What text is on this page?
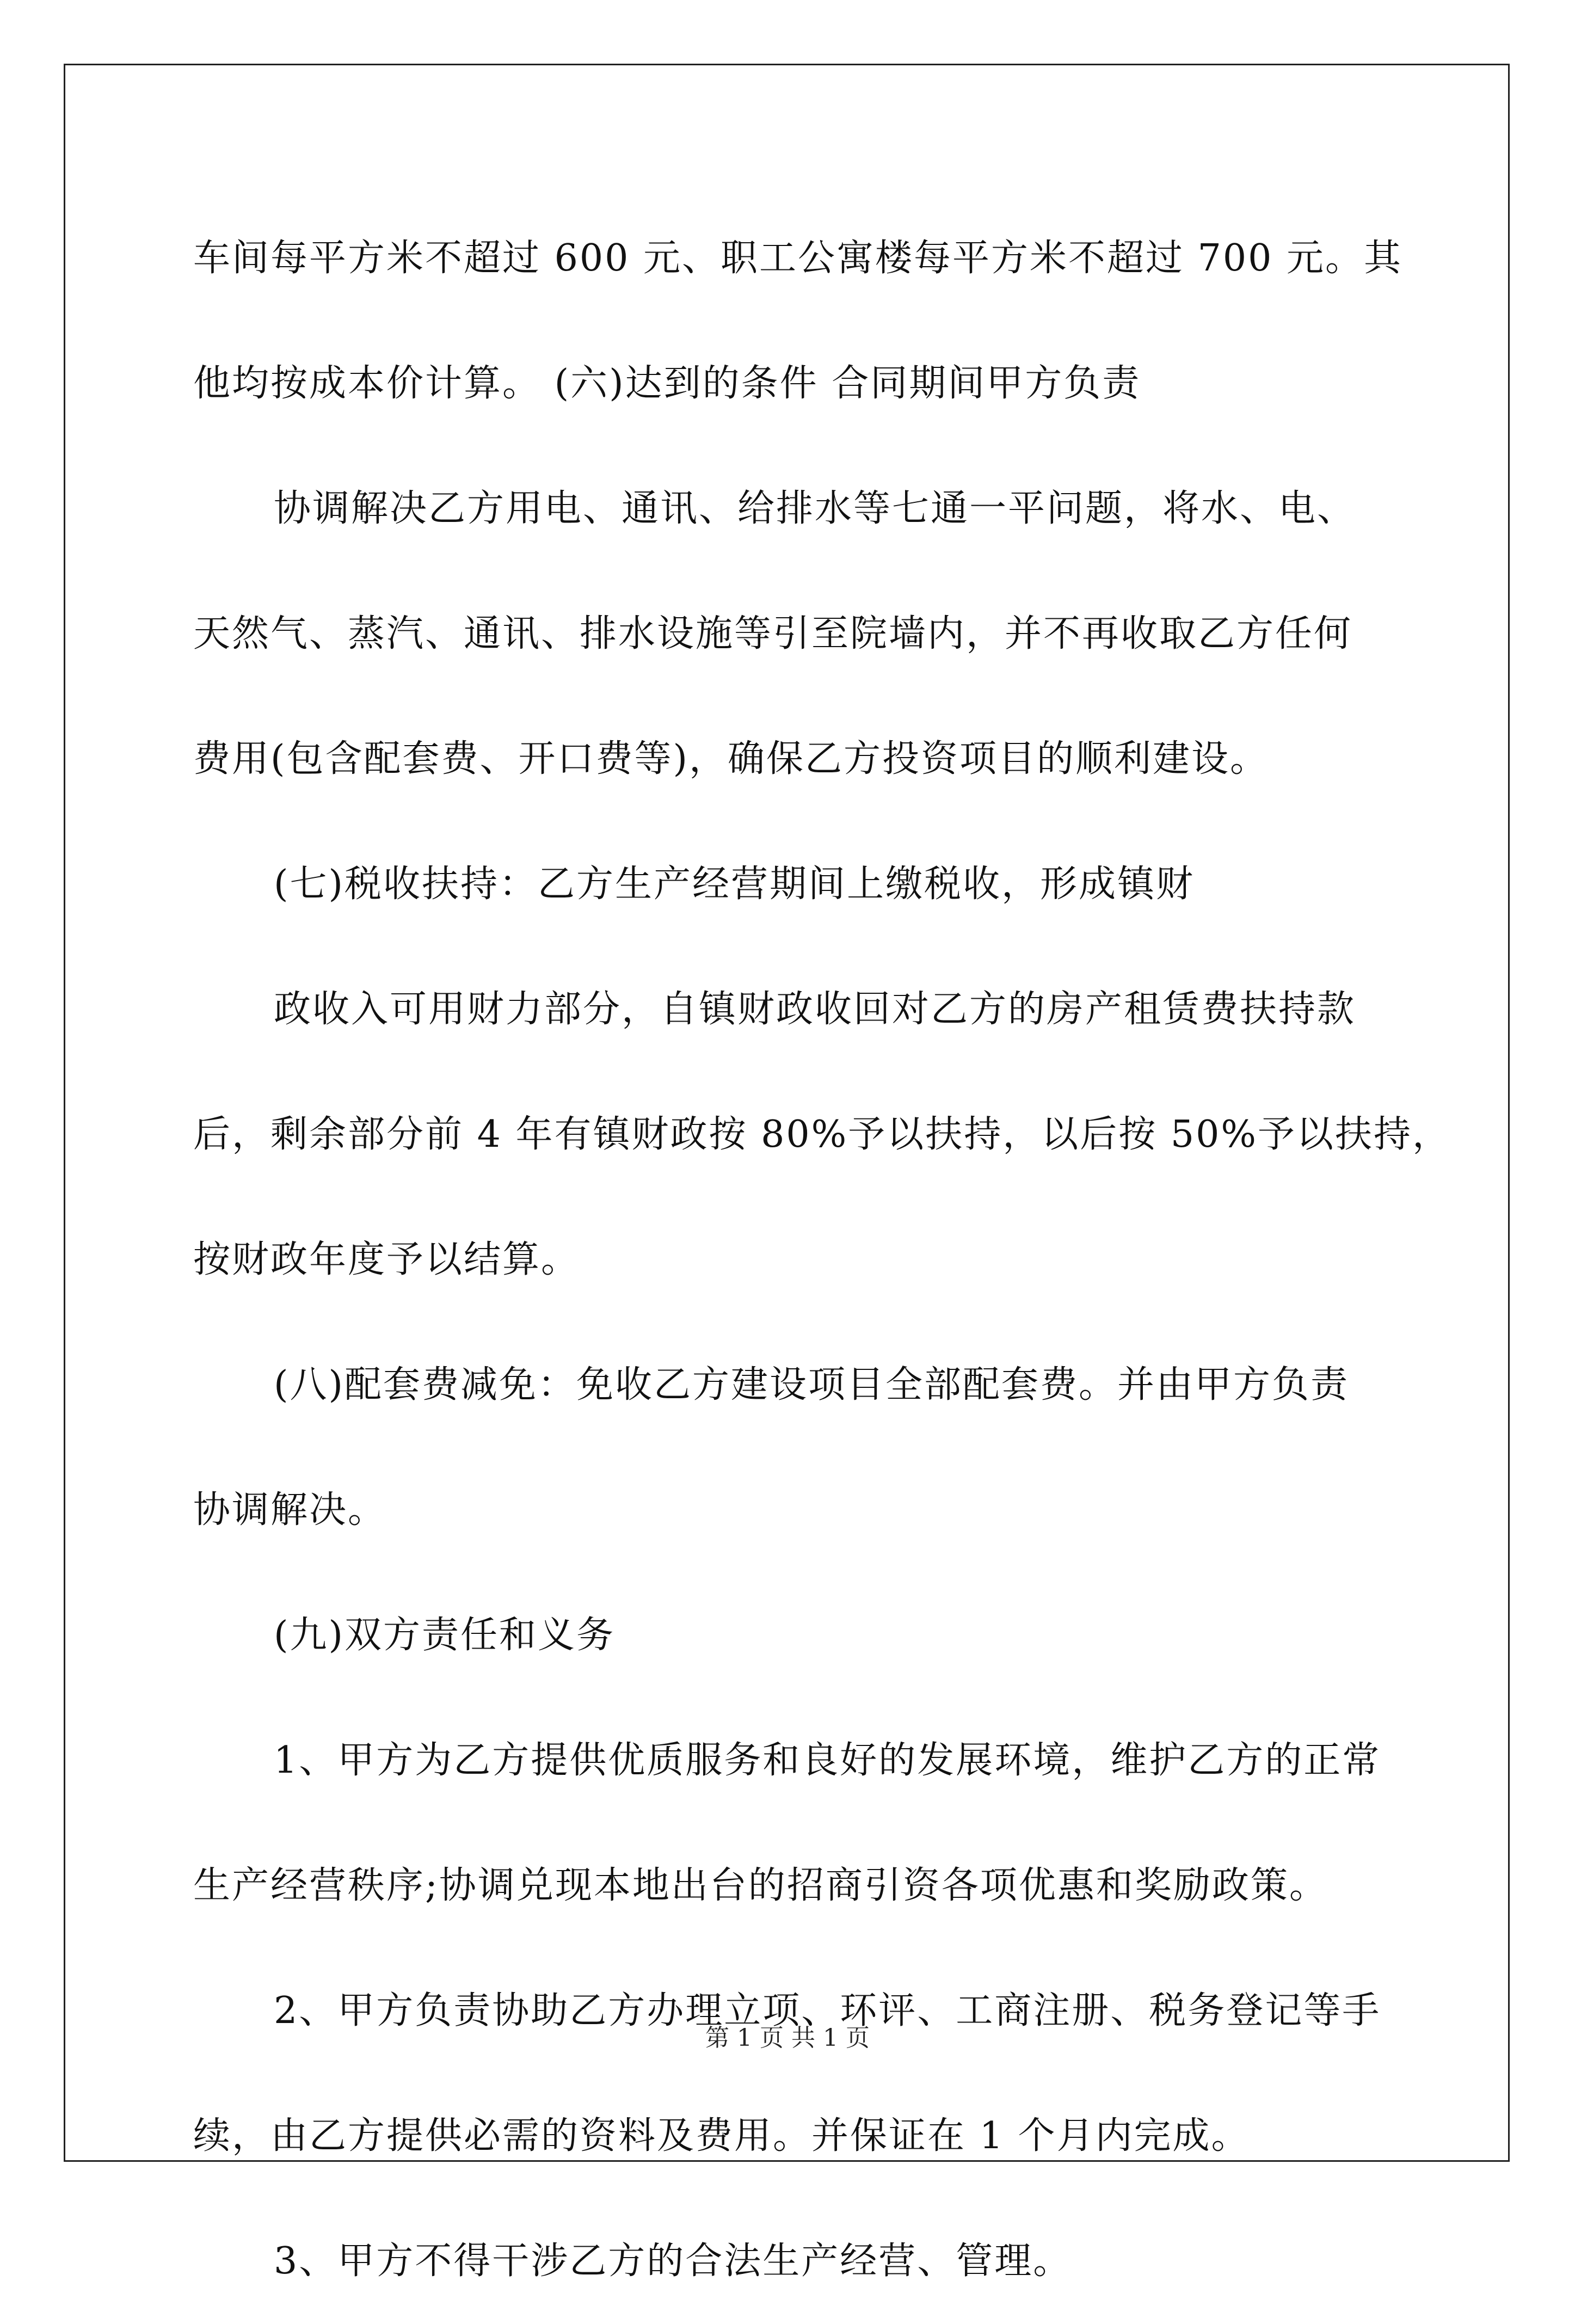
车间每平方米不超过 600 元、职工公寓楼每平方米不超过 700 元。其
他均按成本价计算。 (六)达到的条件 合同期间甲方负责
协调解决乙方用电、通讯、给排水等七通一平问题，将水、电、
天然气、蒸汽、通讯、排水设施等引至院墙内，并不再收取乙方任何
费用(包含配套费、开口费等)，确保乙方投资项目的顺利建设。
(七)税收扶持：乙方生产经营期间上缴税收，形成镇财
政收入可用财力部分，自镇财政收回对乙方的房产租赁费扶持款
后，剩余部分前 4 年有镇财政按 80%予以扶持，以后按 50%予以扶持，
按财政年度予以结算。
(八)配套费减免：免收乙方建设项目全部配套费。并由甲方负责
协调解决。
(九)双方责任和义务
1、甲方为乙方提供优质服务和良好的发展环境，维护乙方的正常
生产经营秩序;协调兑现本地出台的招商引资各项优惠和奖励政策。
2、甲方负责协助乙方办理立项、环评、工商注册、税务登记等手
续，由乙方提供必需的资料及费用。并保证在 1 个月内完成。
3、甲方不得干涉乙方的合法生产经营、管理。
第 1 页 共 1 页
